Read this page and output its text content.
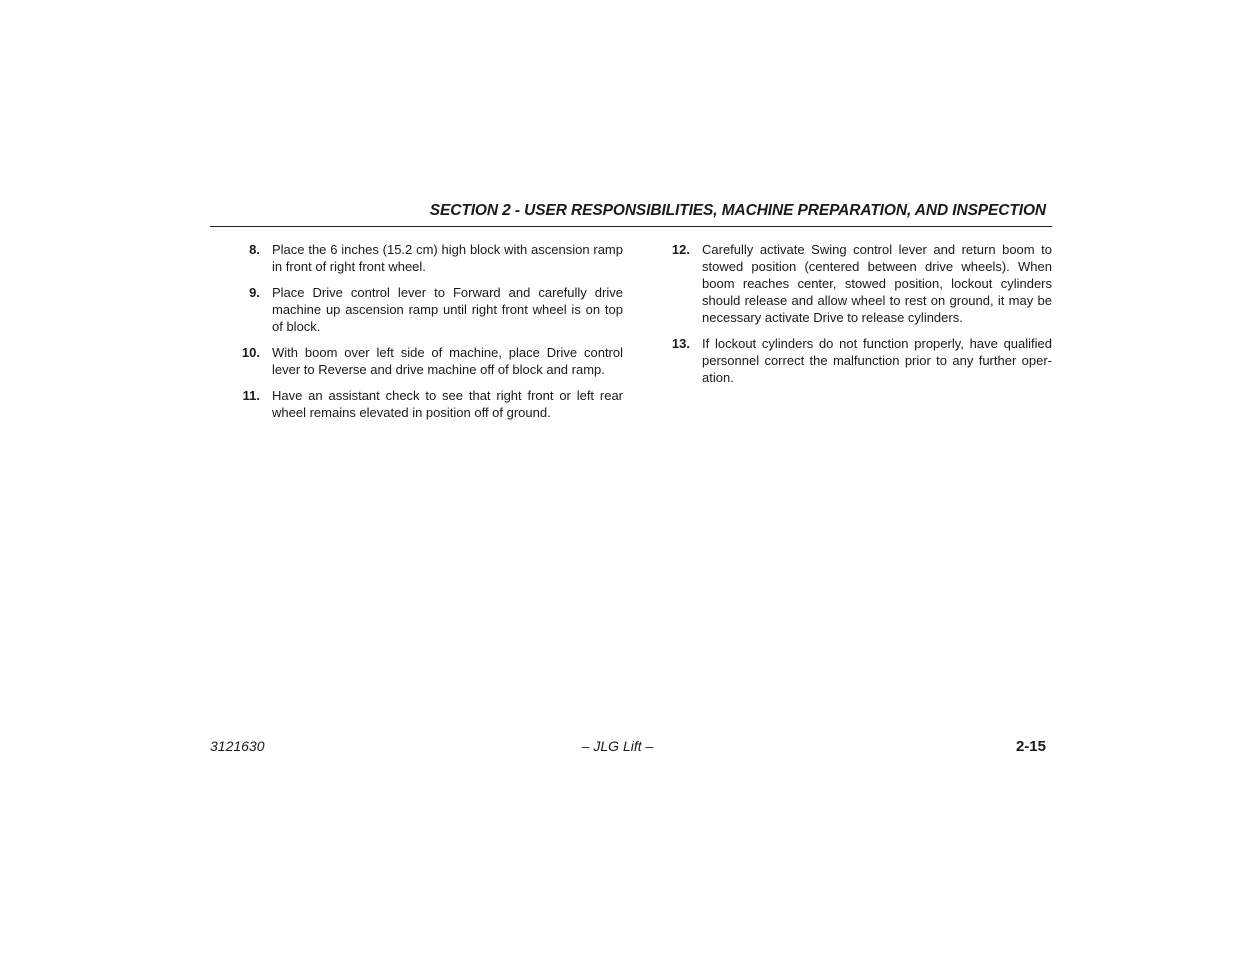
SECTION 2 - USER RESPONSIBILITIES, MACHINE PREPARATION, AND INSPECTION
8. Place the 6 inches (15.2 cm) high block with ascension ramp in front of right front wheel.
9. Place Drive control lever to Forward and carefully drive machine up ascension ramp until right front wheel is on top of block.
10. With boom over left side of machine, place Drive control lever to Reverse and drive machine off of block and ramp.
11. Have an assistant check to see that right front or left rear wheel remains elevated in position off of ground.
12. Carefully activate Swing control lever and return boom to stowed position (centered between drive wheels). When boom reaches center, stowed position, lockout cylinders should release and allow wheel to rest on ground, it may be necessary activate Drive to release cylinders.
13. If lockout cylinders do not function properly, have qualified personnel correct the malfunction prior to any further oper-ation.
3121630	– JLG Lift –	2-15
